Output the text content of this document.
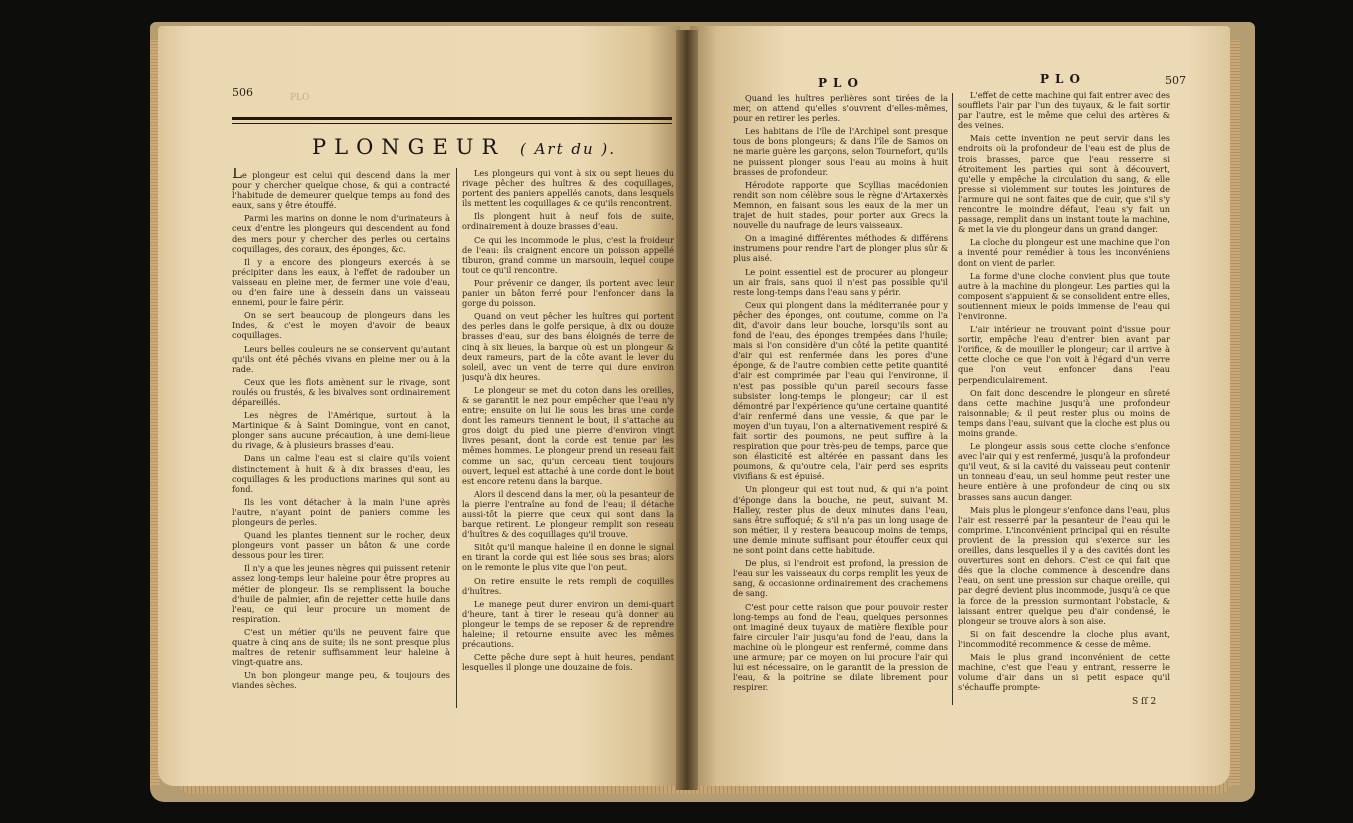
506	PLO
PLONGEUR ( Art du ).

Le plongeur est celui qui descend dans la mer pour y chercher quelque chose, & qui a contracté l'habitude de demeurer quelque temps au fond des eaux, sans y être étouffé.

Parmi les marins on donne le nom d'urinateurs à ceux d'entre les plongeurs qui descendent au fond des mers pour y chercher des perles ou certains coquillages, des coraux, des éponges, &c.

Il y a encore des plongeurs exercés à se précipiter dans les eaux, à l'effet de radouber un vaisseau en pleine mer, de fermer une voie d'eau, ou d'en faire une à dessein dans un vaisseau ennemi, pour le faire périr.

On se sert beaucoup de plongeurs dans les Indes, & c'est le moyen d'avoir de beaux coquillages.

Leurs belles couleurs ne se conservent qu'autant qu'ils ont été pêchés vivans en pleine mer ou à la rade.

Ceux que les flots amènent sur le rivage, sont roulés ou frustés, & les bivalves sont ordinairement dépareillés.

Les nègres de l'Amérique, surtout à la Martinique & à Saint Domingue, vont en canot, plonger sans aucune précaution, à une demi-lieue du rivage, & à plusieurs brasses d'eau.

Dans un calme l'eau est si claire qu'ils voient distinctement à huit & à dix brasses d'eau, les coquillages & les productions marines qui sont au fond.

Ils les vont détacher à la main l'une après l'autre, n'ayant point de paniers comme les plongeurs de perles.

Quand les plantes tiennent sur le rocher, deux plongeurs vont passer un bâton & une corde dessous pour les tirer.

Il n'y a que les jeunes nègres qui puissent retenir assez long-temps leur haleine pour être propres au métier de plongeur. Ils se remplissent la bouche d'huile de palmier, afin de rejetter cette huile dans l'eau, ce qui leur procure un moment de respiration.

C'est un métier qu'ils ne peuvent faire que quatre à cinq ans de suite; ils ne sont presque plus maîtres de retenir suffisamment leur haleine à vingt-quatre ans.

Un bon plongeur mange peu, & toujours des viandes sèches.

Les plongeurs qui vont à six ou sept lieues du rivage pêcher des huîtres & des coquillages, portent des paniers appellés canots, dans lesquels ils mettent les coquillages & ce qu'ils rencontrent.

Ils plongent huit à neuf fois de suite, ordinairement à douze brasses d'eau.

Ce qui les incommode le plus, c'est la froideur de l'eau: ils craignent encore un poisson appellé tiburon, grand comme un marsouin, lequel coupe tout ce qu'il rencontre.

Pour prévenir ce danger, ils portent avec leur panier un bâton ferré pour l'enfoncer dans la gorge du poisson.

Quand on veut pêcher les huîtres qui portent des perles dans le golfe persique, à dix ou douze brasses d'eau, sur des bans éloignés de terre de cinq à six lieues, la barque où est un plongeur & deux rameurs, part de la côte avant le lever du soleil, avec un vent de terre qui dure environ jusqu'à dix heures.

Le plongeur se met du coton dans les oreilles, & se garantit le nez pour empêcher que l'eau n'y entre; ensuite on lui lie sous les bras une corde dont les rameurs tiennent le bout, il s'attache au gros doigt du pied une pierre d'environ vingt livres pesant, dont la corde est tenue par les mêmes hommes. Le plongeur prend un reseau fait comme un sac, qu'un cerceau tient toujours ouvert, lequel est attaché à une corde dont le bout est encore retenu dans la barque.

Alors il descend dans la mer, où la pesanteur de la pierre l'entraîne au fond de l'eau; il détache aussi-tôt la pierre que ceux qui sont dans la barque retirent. Le plongeur remplit son reseau d'huîtres & des coquillages qu'il trouve.

Sitôt qu'il manque haleine il en donne le signal en tirant la corde qui est liée sous ses bras; alors on le remonte le plus vite que l'on peut.

On retire ensuite le rets rempli de coquilles d'huîtres.

Le manege peut durer environ un demi-quart d'heure, tant à tirer le reseau qu'à donner au plongeur le temps de se reposer & de reprendre haleine; il retourne ensuite avec les mêmes précautions.

Cette pêche dure sept à huit heures, pendant lesquelles il plonge une douzaine de fois.

PLO	PLO	507

Quand les huîtres perlières sont tirées de la mer, on attend qu'elles s'ouvrent d'elles-mêmes, pour en retirer les perles.

Les habitans de l'île de l'Archipel sont presque tous de bons plongeurs; & dans l'île de Samos on ne marie guère les garçons, selon Tournefort, qu'ils ne puissent plonger sous l'eau au moins à huit brasses de profondeur.

Hérodote rapporte que Scyllias macédonien rendit son nom célèbre sous le règne d'Artaxerxès Memnon, en faisant sous les eaux de la mer un trajet de huit stades, pour porter aux Grecs la nouvelle du naufrage de leurs vaisseaux.

On a imaginé différentes méthodes & différens instrumens pour rendre l'art de plonger plus sûr & plus aisé.

Le point essentiel est de procurer au plongeur un air frais, sans quoi il n'est pas possible qu'il reste long-temps dans l'eau sans y périr.

Ceux qui plongent dans la méditerranée pour y pêcher des éponges, ont coutume, comme on l'a dit, d'avoir dans leur bouche, lorsqu'ils sont au fond de l'eau, des éponges trempées dans l'huile; mais si l'on considère d'un côté la petite quantité d'air qui est renfermée dans les pores d'une éponge, & de l'autre combien cette petite quantité d'air est comprimée par l'eau qui l'environne, il n'est pas possible qu'un pareil secours fasse subsister long-temps le plongeur; car il est démontré par l'expérience qu'une certaine quantité d'air renfermé dans une vessie, & que par le moyen d'un tuyau, l'on a alternativement respiré & fait sortir des poumons, ne peut suffire à la respiration que pour très-peu de temps, parce que son élasticité est altérée en passant dans les poumons, & qu'outre cela, l'air perd ses esprits vivifians & est épuisé.

Un plongeur qui est tout nud, & qui n'a point d'éponge dans la bouche, ne peut, suivant M. Halley, rester plus de deux minutes dans l'eau, sans être suffoqué; & s'il n'a pas un long usage de son métier, il y restera beaucoup moins de temps, une demie minute suffisant pour étouffer ceux qui ne sont point dans cette habitude.

De plus, si l'endroit est profond, la pression de l'eau sur les vaisseaux du corps remplit les yeux de sang, & occasionne ordinairement des crachemens de sang.

C'est pour cette raison que pour pouvoir rester long-temps au fond de l'eau, quelques personnes ont imaginé deux tuyaux de matière flexible pour faire circuler l'air jusqu'au fond de l'eau, dans la machine où le plongeur est renfermé, comme dans une armure; par ce moyen on lui procure l'air qui lui est nécessaire, on le garantit de la pression de l'eau, & la poitrine se dilate librement pour respirer.

L'effet de cette machine qui fait entrer avec des soufflets l'air par l'un des tuyaux, & le fait sortir par l'autre, est le même que celui des artères & des veines.

Mais cette invention ne peut servir dans les endroits où la profondeur de l'eau est de plus de trois brasses, parce que l'eau resserre si étroitement les parties qui sont à découvert, qu'elle y empêche la circulation du sang, & elle presse si violemment sur toutes les jointures de l'armure qui ne sont faites que de cuir, que s'il s'y rencontre le moindre défaut, l'eau s'y fait un passage, remplit dans un instant toute la machine, & met la vie du plongeur dans un grand danger.

La cloche du plongeur est une machine que l'on a inventé pour remédier à tous les inconvéniens dont on vient de parler.

La forme d'une cloche convient plus que toute autre à la machine du plongeur. Les parties qui la composent s'appuient & se consolident entre elles, soutiennent mieux le poids immense de l'eau qui l'environne.

L'air intérieur ne trouvant point d'issue pour sortir, empêche l'eau d'entrer bien avant par l'orifice, & de mouiller le plongeur; car il arrive à cette cloche ce que l'on voit à l'égard d'un verre que l'on veut enfoncer dans l'eau perpendiculairement.

On fait donc descendre le plongeur en sûreté dans cette machine jusqu'à une profondeur raisonnable; & il peut rester plus ou moins de temps dans l'eau, suivant que la cloche est plus ou moins grande.

Le plongeur assis sous cette cloche s'enfonce avec l'air qui y est renfermé, jusqu'à la profondeur qu'il veut, & si la cavité du vaisseau peut contenir un tonneau d'eau, un seul homme peut rester une heure entière à une profondeur de cinq ou six brasses sans aucun danger.

Mais plus le plongeur s'enfonce dans l'eau, plus l'air est resserré par la pesanteur de l'eau qui le comprime. L'inconvénient principal qui en résulte provient de la pression qui s'exerce sur les oreilles, dans lesquelles il y a des cavités dont les ouvertures sont en dehors. C'est ce qui fait que dès que la cloche commence à descendre dans l'eau, on sent une pression sur chaque oreille, qui par degré devient plus incommode, jusqu'à ce que la force de la pression surmontant l'obstacle, & laissant entrer quelque peu d'air condensé, le plongeur se trouve alors à son aise.

Si on fait descendre la cloche plus avant, l'incommodité recommence & cesse de même.

Mais le plus grand inconvénient de cette machine, c'est que l'eau y entrant, resserre le volume d'air dans un si petit espace qu'il s'échauffe prompte-

S ſſ 2
